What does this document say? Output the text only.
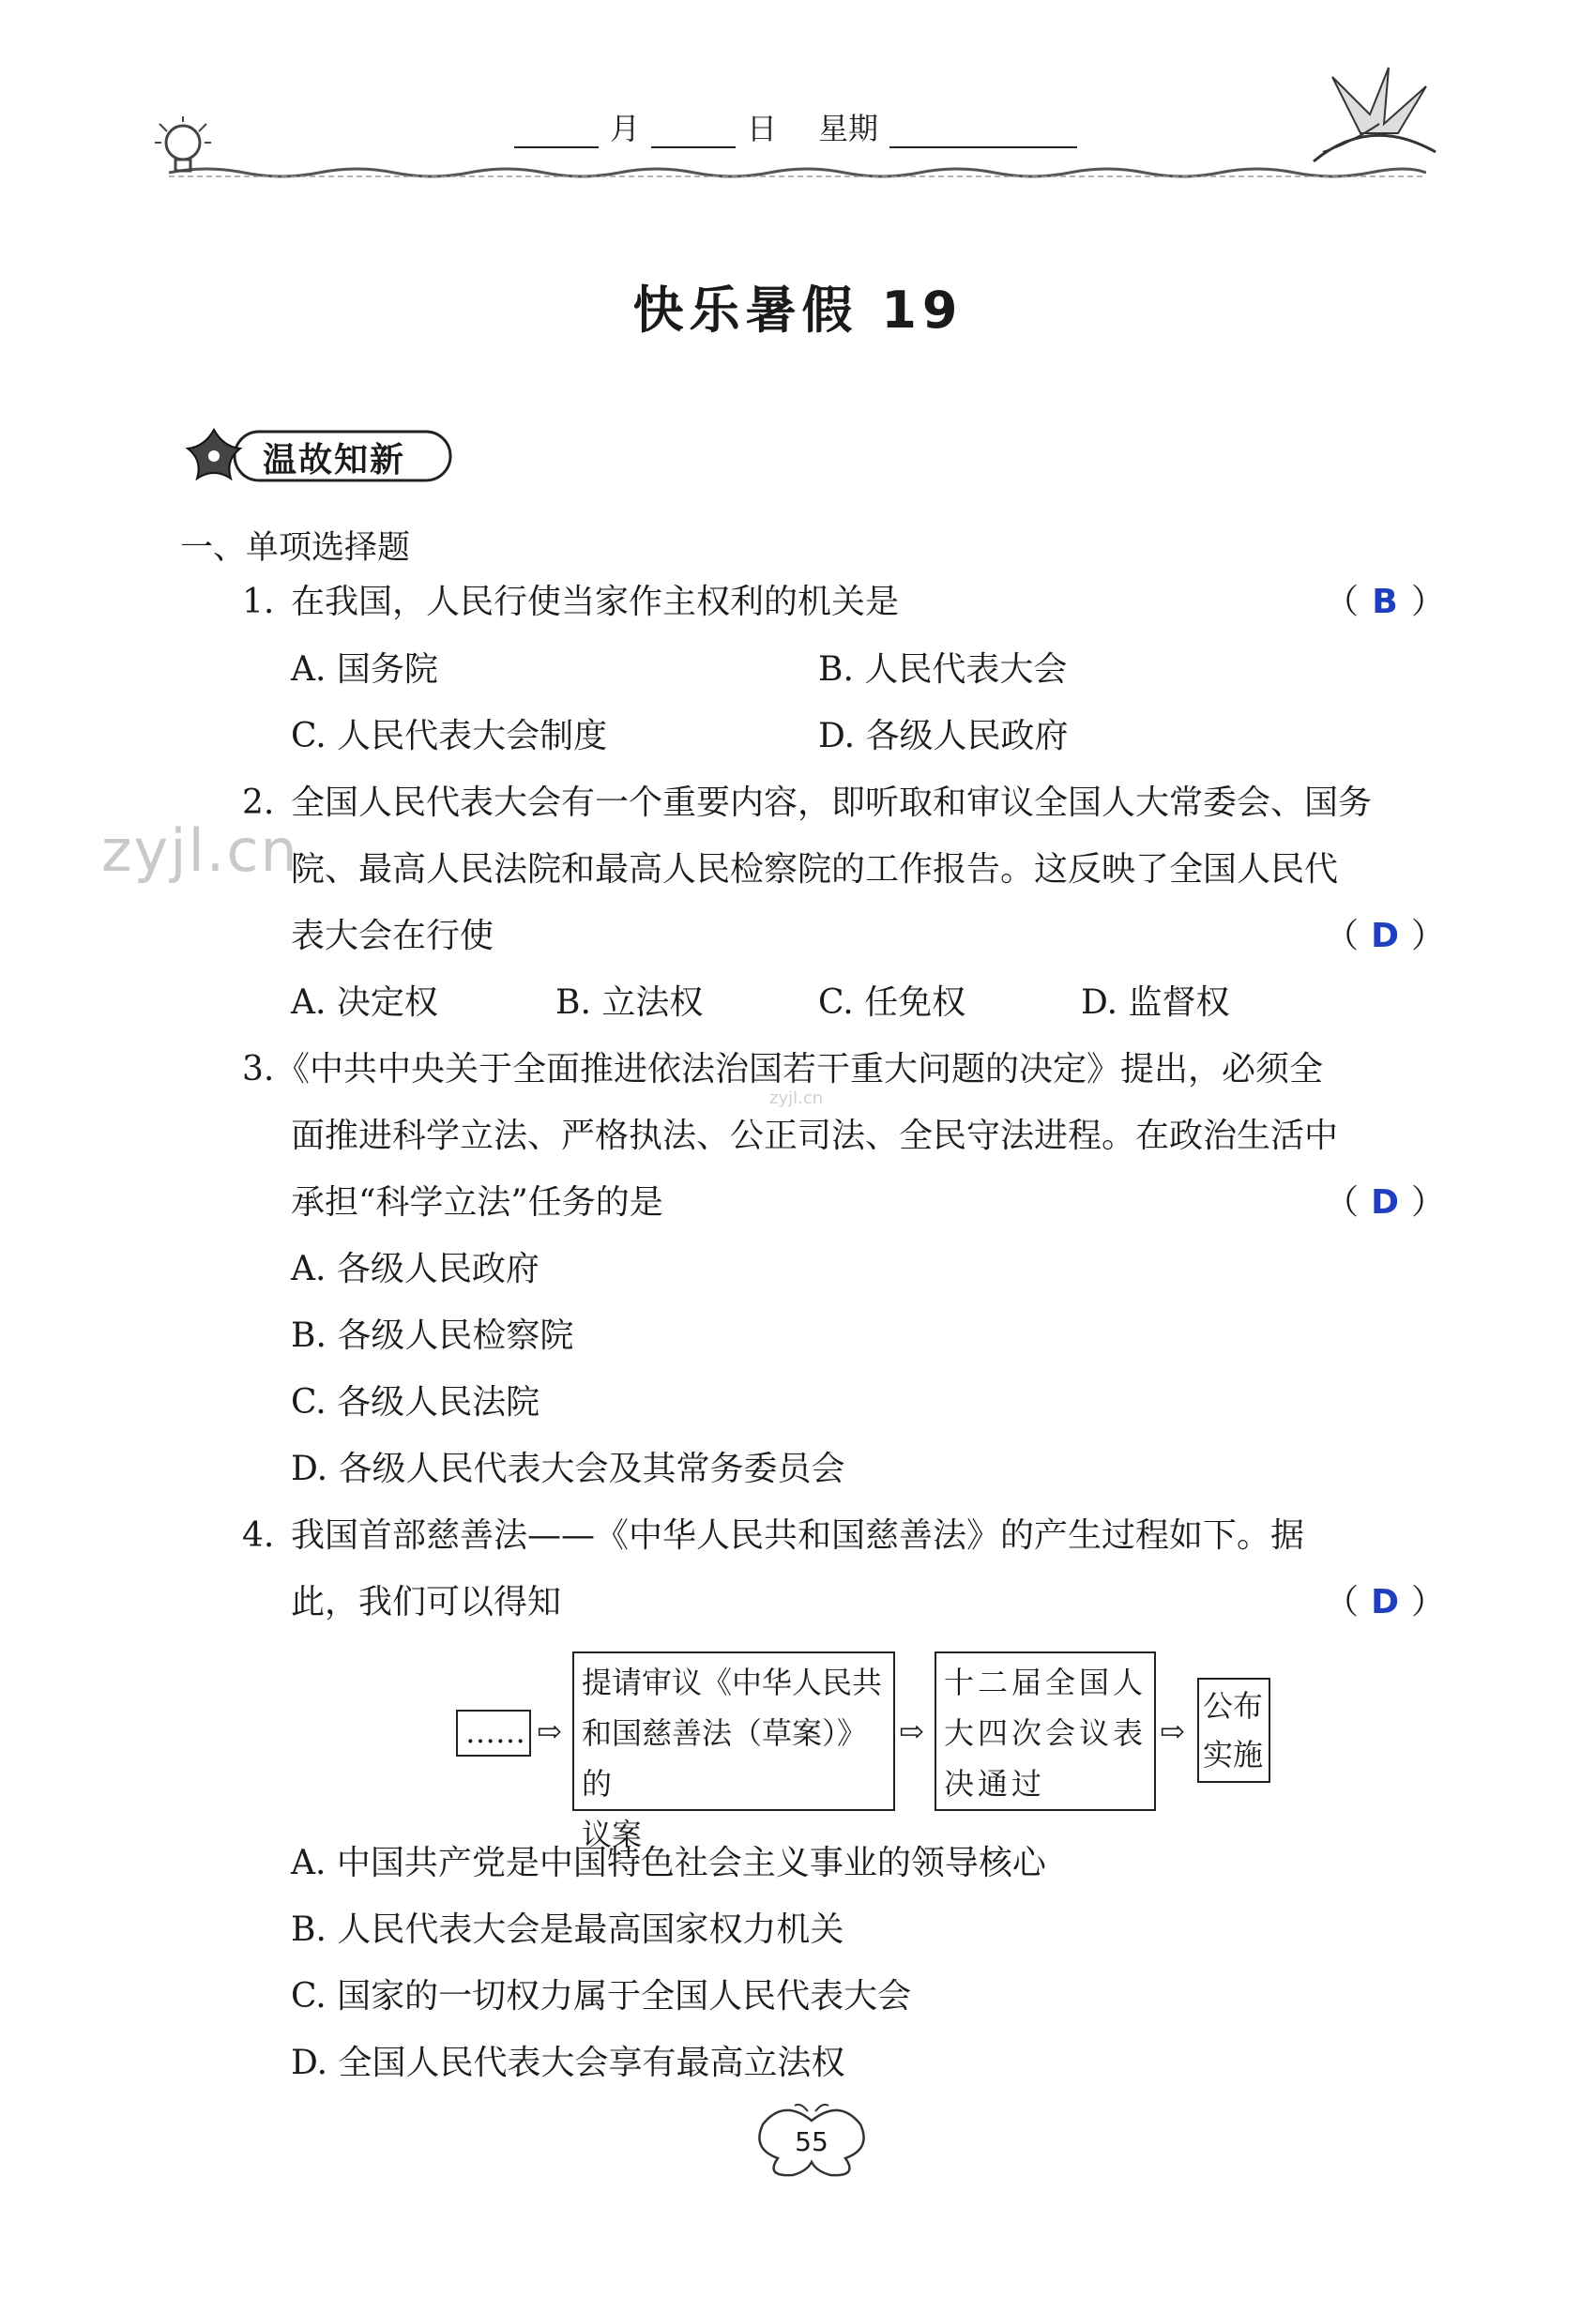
月	日 星期
快乐暑假 19
温故知新
一、单项选择题
zyjl.cn
zyjl.cn
1. 在我国，人民行使当家作主权利的机关是	（ B ）
A. 国务院	B. 人民代表大会
C. 人民代表大会制度	D. 各级人民政府
2. 全国人民代表大会有一个重要内容，即听取和审议全国人大常委会、国务
院、最高人民法院和最高人民检察院的工作报告。这反映了全国人民代
表大会在行使	（ D ）
A. 决定权	B. 立法权	C. 任免权	D. 监督权
3. 《中共中央关于全面推进依法治国若干重大问题的决定》提出，必须全
面推进科学立法、严格执法、公正司法、全民守法进程。在政治生活中
承担“科学立法”任务的是	（ D ）
A. 各级人民政府
B. 各级人民检察院
C. 各级人民法院
D. 各级人民代表大会及其常务委员会
4. 我国首部慈善法——《中华人民共和国慈善法》的产生过程如下。据
此，我们可以得知	（ D ）
…… ⇨
提请审议《中华人民共
和国慈善法（草案）》的
议案
⇨
十二届全国人
大四次会议表
决通过
⇨
公布
实施
A. 中国共产党是中国特色社会主义事业的领导核心
B. 人民代表大会是最高国家权力机关
C. 国家的一切权力属于全国人民代表大会
D. 全国人民代表大会享有最高立法权
55
